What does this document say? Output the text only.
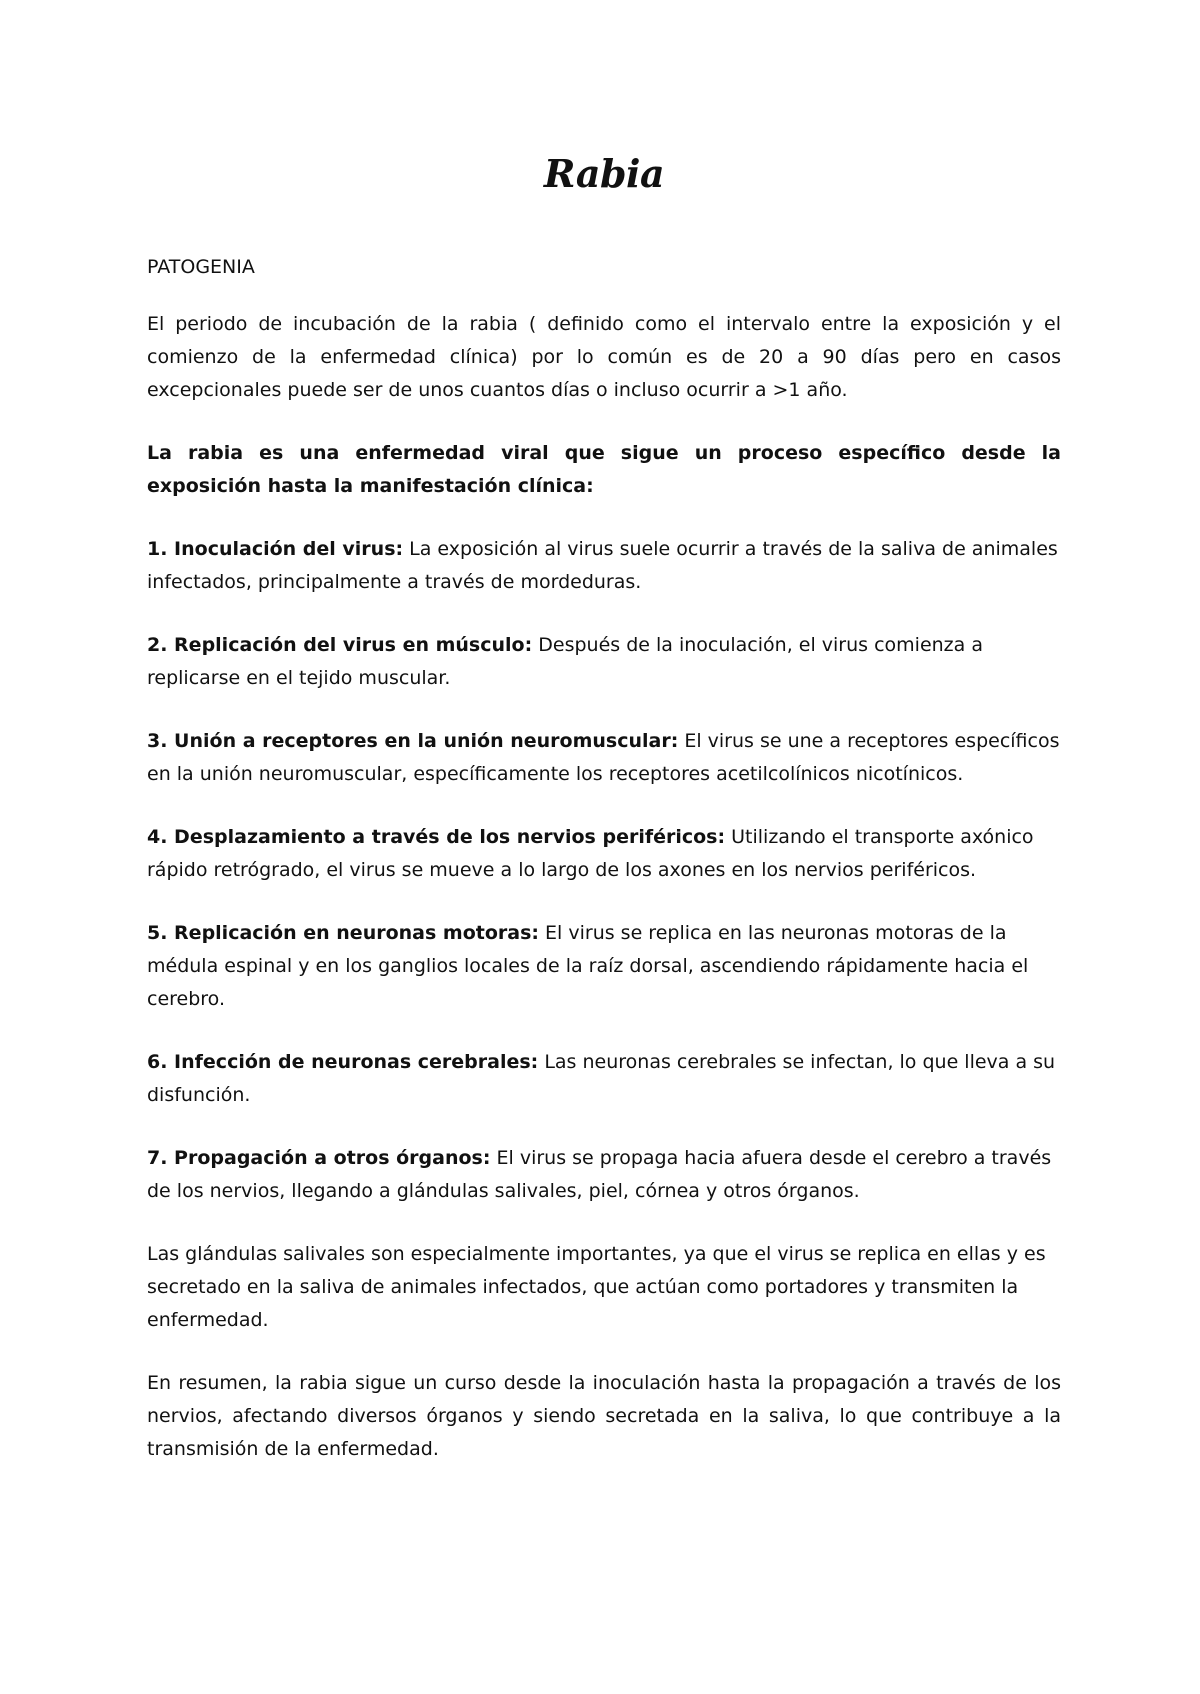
Rabia

PATOGENIA

El periodo de incubación de la rabia ( definido como el intervalo entre la exposición y el comienzo de la enfermedad clínica) por lo común es de 20 a 90 días pero en casos excepcionales puede ser de unos cuantos días o incluso ocurrir a >1 año.

La rabia es una enfermedad viral que sigue un proceso específico desde la exposición hasta la manifestación clínica:

1. Inoculación del virus: La exposición al virus suele ocurrir a través de la saliva de animales infectados, principalmente a través de mordeduras.

2. Replicación del virus en músculo: Después de la inoculación, el virus comienza a replicarse en el tejido muscular.

3. Unión a receptores en la unión neuromuscular: El virus se une a receptores específicos en la unión neuromuscular, específicamente los receptores acetilcolínicos nicotínicos.

4. Desplazamiento a través de los nervios periféricos: Utilizando el transporte axónico rápido retrógrado, el virus se mueve a lo largo de los axones en los nervios periféricos.

5. Replicación en neuronas motoras: El virus se replica en las neuronas motoras de la médula espinal y en los ganglios locales de la raíz dorsal, ascendiendo rápidamente hacia el cerebro.

6. Infección de neuronas cerebrales: Las neuronas cerebrales se infectan, lo que lleva a su disfunción.

7. Propagación a otros órganos: El virus se propaga hacia afuera desde el cerebro a través de los nervios, llegando a glándulas salivales, piel, córnea y otros órganos.

Las glándulas salivales son especialmente importantes, ya que el virus se replica en ellas y es secretado en la saliva de animales infectados, que actúan como portadores y transmiten la enfermedad.

En resumen, la rabia sigue un curso desde la inoculación hasta la propagación a través de los nervios, afectando diversos órganos y siendo secretada en la saliva, lo que contribuye a la transmisión de la enfermedad.
